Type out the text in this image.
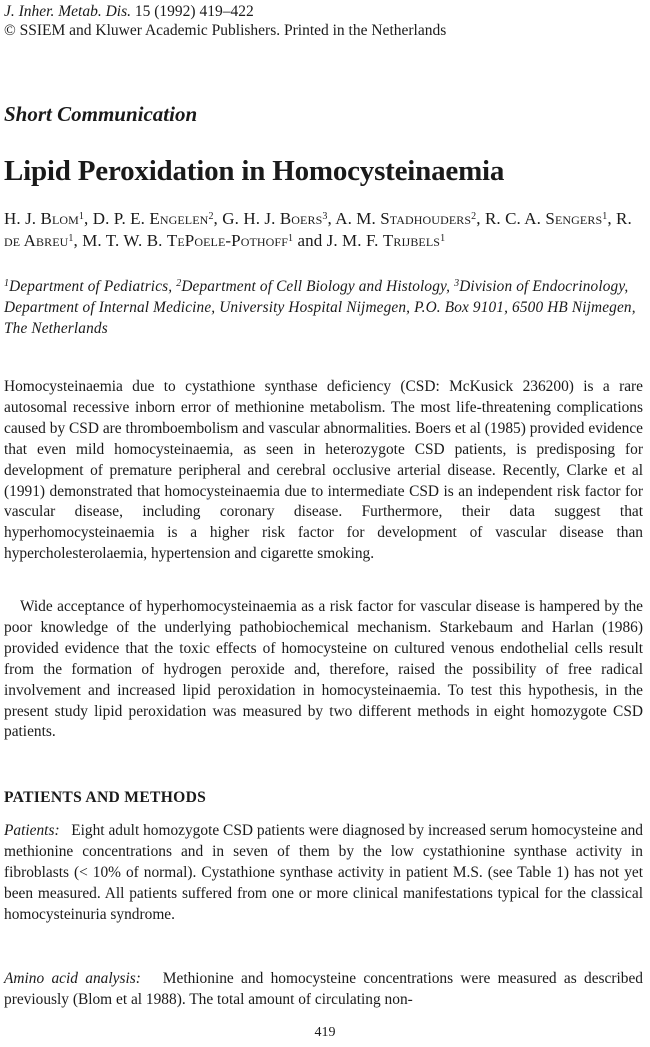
J. Inher. Metab. Dis. 15 (1992) 419–422
© SSIEM and Kluwer Academic Publishers. Printed in the Netherlands
Short Communication
Lipid Peroxidation in Homocysteinaemia
H. J. Blom$^1$, D. P. E. Engelen$^2$, G. H. J. Boers$^3$, A. M. Stadhouders$^2$, R. C. A. Sengers$^1$, R. de Abreu$^1$, M. T. W. B. TePoele-Pothoff$^1$ and J. M. F. Trijbels$^1$
$^1$Department of Pediatrics, $^2$Department of Cell Biology and Histology, $^3$Division of Endocrinology, Department of Internal Medicine, University Hospital Nijmegen, P.O. Box 9101, 6500 HB Nijmegen, The Netherlands

Homocysteinaemia due to cystathione synthase deficiency (CSD: McKusick 236200) is a rare autosomal recessive inborn error of methionine metabolism. The most life-threatening complications caused by CSD are thromboembolism and vascular abnormalities. Boers et al (1985) provided evidence that even mild homocysteinaemia, as seen in heterozygote CSD patients, is predisposing for development of premature peripheral and cerebral occlusive arterial disease. Recently, Clarke et al (1991) demonstrated that homocysteinaemia due to intermediate CSD is an independent risk factor for vascular disease, including coronary disease. Furthermore, their data suggest that hyperhomocysteinaemia is a higher risk factor for development of vascular disease than hypercholesterolaemia, hypertension and cigarette smoking.

Wide acceptance of hyperhomocysteinaemia as a risk factor for vascular disease is hampered by the poor knowledge of the underlying pathobiochemical mechanism. Starkebaum and Harlan (1986) provided evidence that the toxic effects of homocysteine on cultured venous endothelial cells result from the formation of hydrogen peroxide and, therefore, raised the possibility of free radical involvement and increased lipid peroxidation in homocysteinaemia. To test this hypothesis, in the present study lipid peroxidation was measured by two different methods in eight homozygote CSD patients.

PATIENTS AND METHODS

Patients: Eight adult homozygote CSD patients were diagnosed by increased serum homocysteine and methionine concentrations and in seven of them by the low cystathionine synthase activity in fibroblasts (< 10% of normal). Cystathione synthase activity in patient M.S. (see Table 1) has not yet been measured. All patients suffered from one or more clinical manifestations typical for the classical homocysteinuria syndrome.

Amino acid analysis: Methionine and homocysteine concentrations were measured as described previously (Blom et al 1988). The total amount of circulating non-

419
